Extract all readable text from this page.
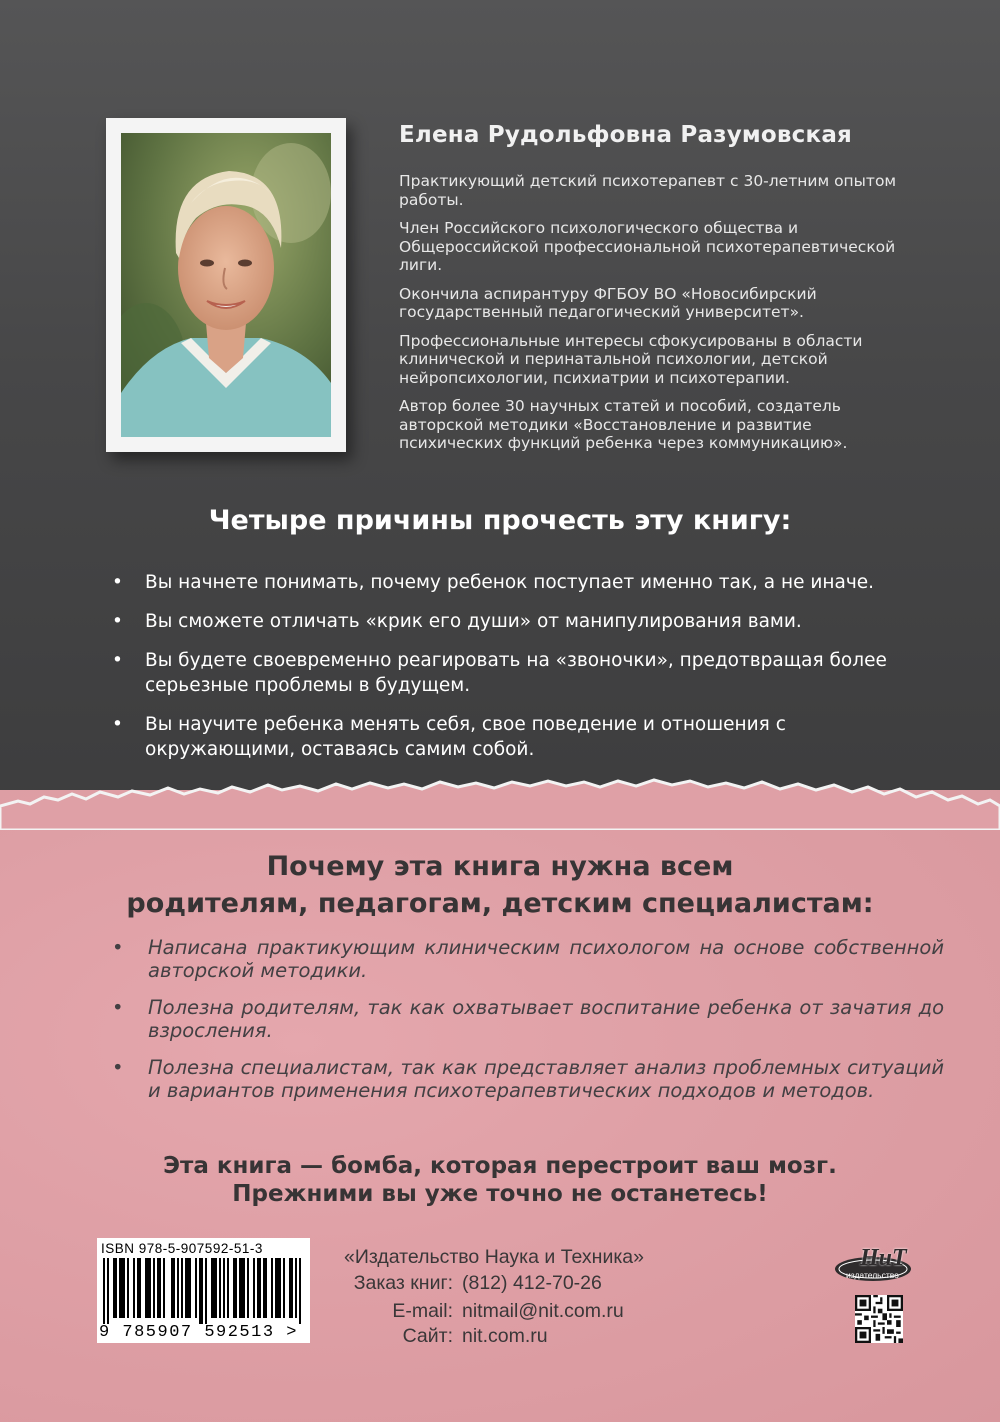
Елена Рудольфовна Разумовская

Практикующий детский психотерапевт с 30-летним опытом работы.

Член Российского психологического общества и Общероссийской профессиональной психотерапевтической лиги.

Окончила аспирантуру ФГБОУ ВО «Новосибирский государственный педагогический университет».

Профессиональные интересы сфокусированы в области клинической и перинатальной психологии, детской нейропсихологии, психиатрии и психотерапии.

Автор более 30 научных статей и пособий, создатель авторской методики «Восстановление и развитие психических функций ребенка через коммуникацию».

Четыре причины прочесть эту книгу:
• Вы начнете понимать, почему ребенок поступает именно так, а не иначе.
• Вы сможете отличать «крик его души» от манипулирования вами.
• Вы будете своевременно реагировать на «звоночки», предотвращая более серьезные проблемы в будущем.
• Вы научите ребенка менять себя, свое поведение и отношения с окружающими, оставаясь самим собой.
Почему эта книга нужна всем
родителям, педагогам, детским специалистам:
• Написана практикующим клиническим психологом на основе собственной авторской методики.
• Полезна родителям, так как охватывает воспитание ребенка от зачатия до взросления.
• Полезна специалистам, так как представляет анализ проблемных ситуаций и вариантов применения психотерапевтических подходов и методов.
Эта книга — бомба, которая перестроит ваш мозг.
Прежними вы уже точно не останетесь!
ISBN 978-5-907592-51-3
9 785907 592513 >
«Издательство Наука и Техника»
Заказ книг: (812) 412-70-26
E-mail: nitmail@nit.com.ru
Сайт: nit.com.ru
НиТ
издательство
